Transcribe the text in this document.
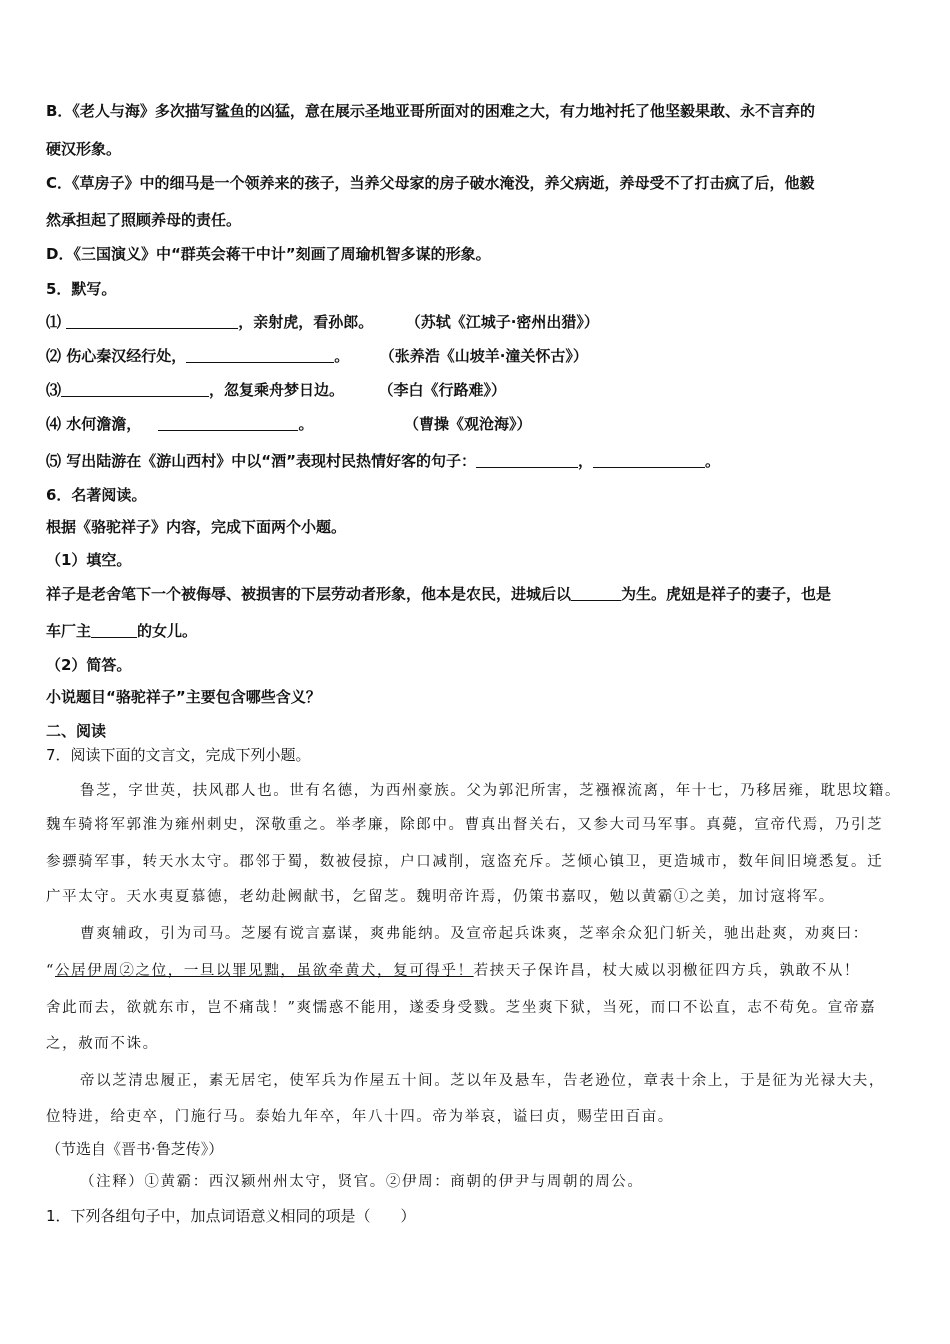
B．《老人与海》多次描写鲨鱼的凶猛，意在展示圣地亚哥所面对的困难之大，有力地衬托了他坚毅果敢、永不言弃的
硬汉形象。
C．《草房子》中的细马是一个领养来的孩子，当养父母家的房子破水淹没，养父病逝，养母受不了打击疯了后，他毅
然承担起了照顾养母的责任。
D．《三国演义》中“群英会蒋干中计”刻画了周瑜机智多谋的形象。
5．默写。
⑴	，亲射虎，看孙郎。 （苏轼《江城子·密州出猎》）
⑵ 伤心秦汉经行处，	。 （张养浩《山坡羊·潼关怀古》）
⑶	，忽复乘舟梦日边。 （李白《行路难》）
⑷ 水何澹澹，	。	（曹操《观沧海》）
⑸ 写出陆游在《游山西村》中以“酒”表现村民热情好客的句子：	，	。
6．名著阅读。
根据《骆驼祥子》内容，完成下面两个小题。
（1）填空。
祥子是老舍笔下一个被侮辱、被损害的下层劳动者形象，他本是农民，进城后以	为生。虎妞是祥子的妻子，也是
车厂主	的女儿。
（2）简答。
小说题目“骆驼祥子”主要包含哪些含义？
二、阅读
7．阅读下面的文言文，完成下列小题。
鲁芝，字世英，扶风郡人也。世有名德，为西州豪族。父为郭汜所害，芝襁褓流离，年十七，乃移居雍，耽思坟籍。
魏车骑将军郭淮为雍州刺史，深敬重之。举孝廉，除郎中。曹真出督关右，又参大司马军事。真薨，宣帝代焉，乃引芝
参骠骑军事，转天水太守。郡邻于蜀，数被侵掠，户口减削，寇盗充斥。芝倾心镇卫，更造城市，数年间旧境悉复。迁
广平太守。天水夷夏慕德，老幼赴阙献书，乞留芝。魏明帝许焉，仍策书嘉叹，勉以黄霸①之美，加讨寇将军。
曹爽辅政，引为司马。芝屡有谠言嘉谋，爽弗能纳。及宣帝起兵诛爽，芝率余众犯门斩关，驰出赴爽，劝爽曰：
“公居伊周②之位，一旦以罪见黜，虽欲牵黄犬，复可得乎！若挟天子保许昌，杖大威以羽檄征四方兵，孰敢不从！
舍此而去，欲就东市，岂不痛哉！”爽懦惑不能用，遂委身受戮。芝坐爽下狱，当死，而口不讼直，志不苟免。宣帝嘉
之，赦而不诛。
帝以芝清忠履正，素无居宅，使军兵为作屋五十间。芝以年及悬车，告老逊位，章表十余上，于是征为光禄大夫，
位特进，给吏卒，门施行马。泰始九年卒，年八十四。帝为举哀，谥曰贞，赐茔田百亩。
（节选自《晋书·鲁芝传》）
（注释）①黄霸：西汉颍州州太守，贤官。②伊周：商朝的伊尹与周朝的周公。
1．下列各组句子中，加点词语意义相同的项是（　　）
